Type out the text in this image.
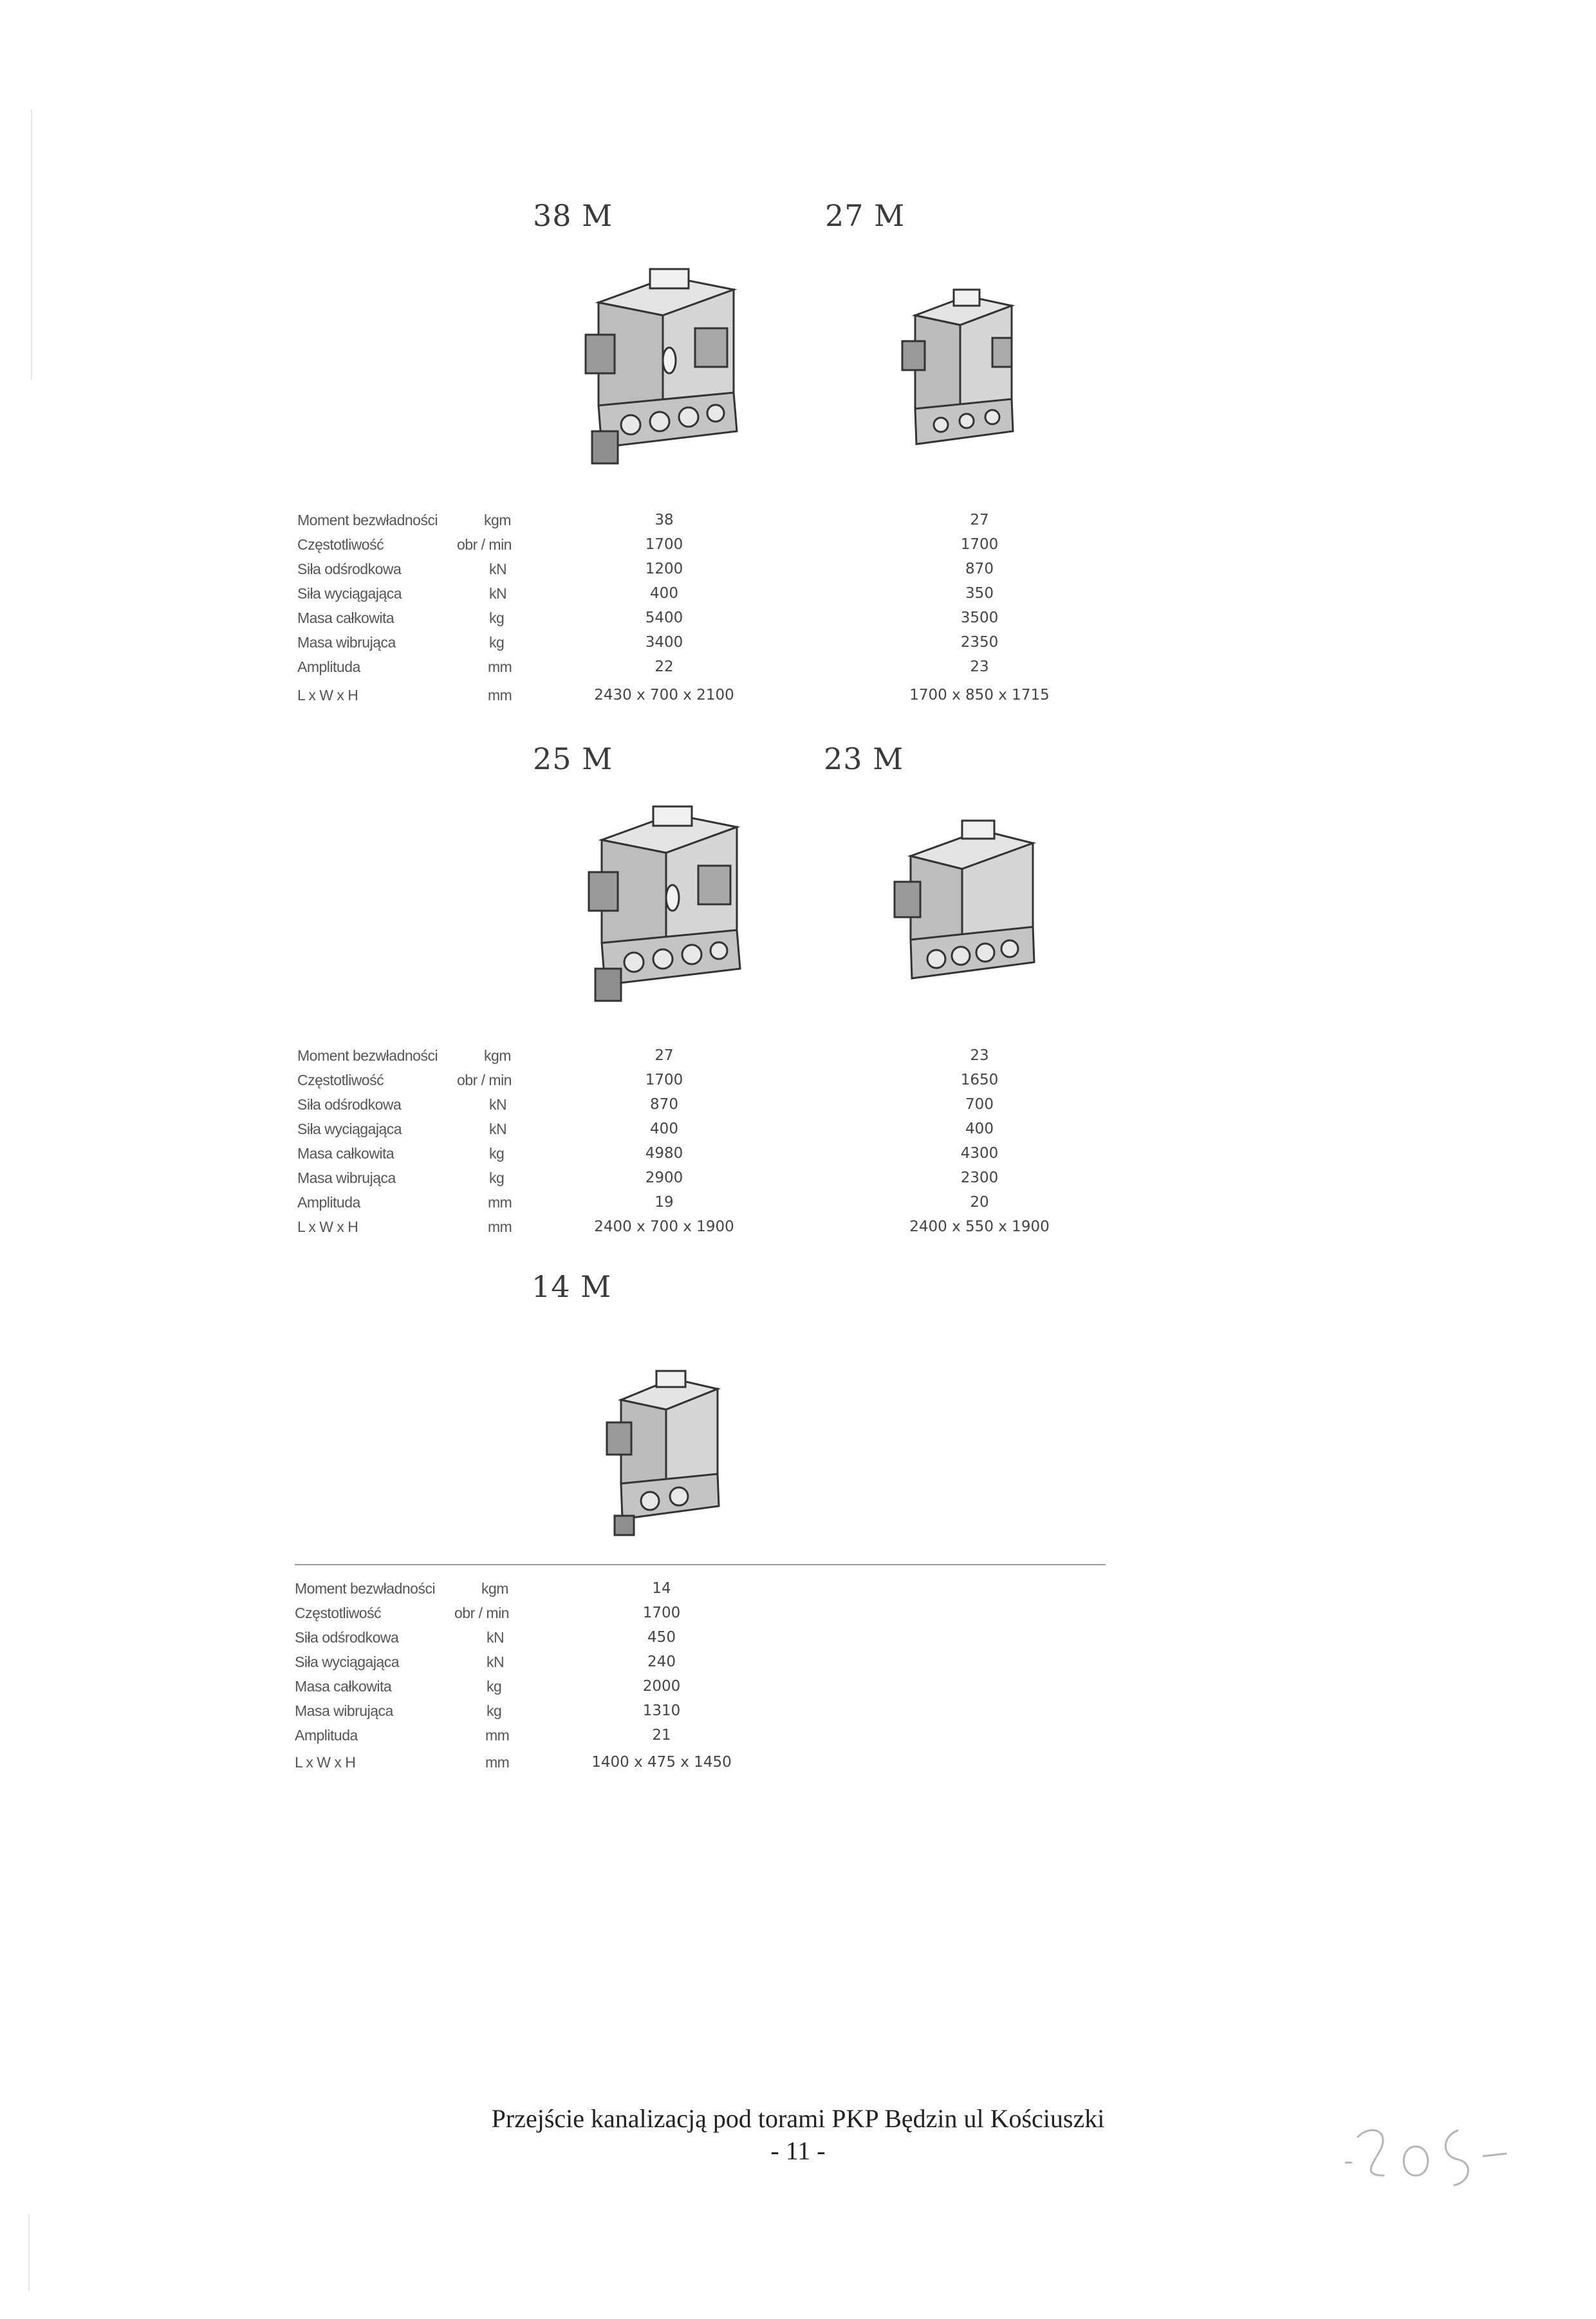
38 M	27 M
Moment bezwładności	kgm	38	27
Częstotliwość	obr / min	1700	1700
Siła odśrodkowa	kN	1200	870
Siła wyciągająca	kN	400	350
Masa całkowita	kg	5400	3500
Masa wibrująca	kg	3400	2350
Amplituda	mm	22	23
L x W x H	mm	2430 x 700 x 2100	1700 x 850 x 1715
25 M	23 M
Moment bezwładności	kgm	27	23
Częstotliwość	obr / min	1700	1650
Siła odśrodkowa	kN	870	700
Siła wyciągająca	kN	400	400
Masa całkowita	kg	4980	4300
Masa wibrująca	kg	2900	2300
Amplituda	mm	19	20
L x W x H	mm	2400 x 700 x 1900	2400 x 550 x 1900
14 M
Moment bezwładności	kgm	14
Częstotliwość	obr / min	1700
Siła odśrodkowa	kN	450
Siła wyciągająca	kN	240
Masa całkowita	kg	2000
Masa wibrująca	kg	1310
Amplituda	mm	21
L x W x H	mm	1400 x 475 x 1450
Przejście kanalizacją pod torami PKP Będzin ul Kościuszki
- 11 -
